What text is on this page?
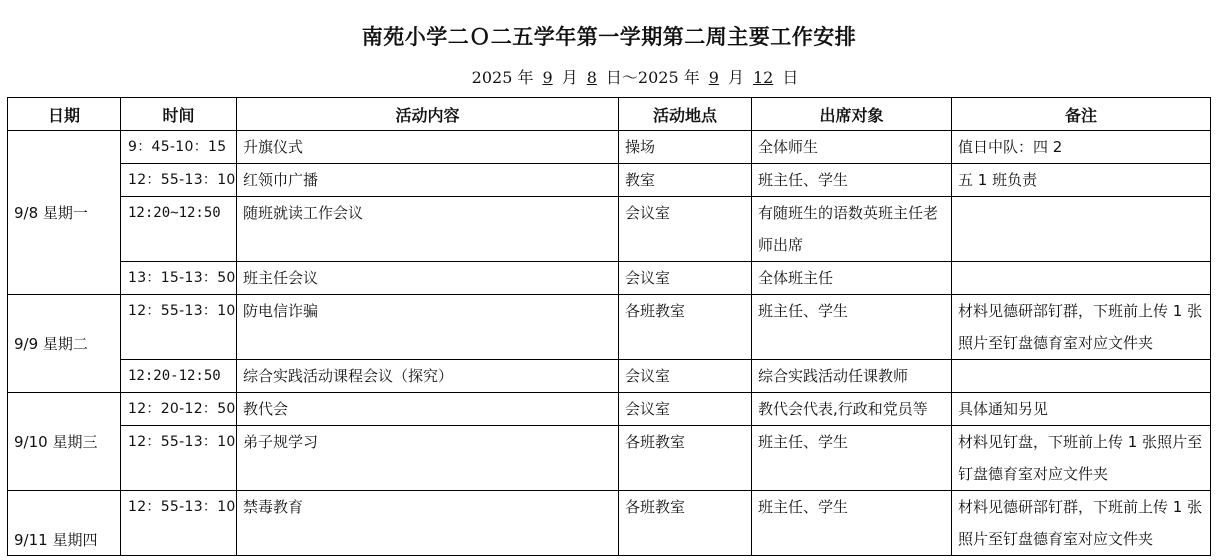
南苑小学二Ｏ二五学年第一学期第二周主要工作安排
2025 年 9 月 8 日～2025 年 9 月 12 日
日期	时间	活动内容	活动地点	出席对象	备注
9/8 星期一	9：45-10：15	升旗仪式	操场	全体师生	值日中队：四 2
	12：55-13：10	红领巾广播	教室	班主任、学生	五 1 班负责
	12:20~12:50	随班就读工作会议	会议室	有随班生的语数英班主任老师出席	
	13：15-13：50	班主任会议	会议室	全体班主任	
9/9 星期二	12：55-13：10	防电信诈骗	各班教室	班主任、学生	材料见德研部钉群，下班前上传 1 张照片至钉盘德育室对应文件夹
	12:20-12:50	综合实践活动课程会议（探究）	会议室	综合实践活动任课教师	
9/10 星期三	12：20-12：50	教代会	会议室	教代会代表,行政和党员等	具体通知另见
	12：55-13：10	弟子规学习	各班教室	班主任、学生	材料见钉盘，下班前上传 1 张照片至钉盘德育室对应文件夹
9/11 星期四	12：55-13：10	禁毒教育	各班教室	班主任、学生	材料见德研部钉群，下班前上传 1 张照片至钉盘德育室对应文件夹
